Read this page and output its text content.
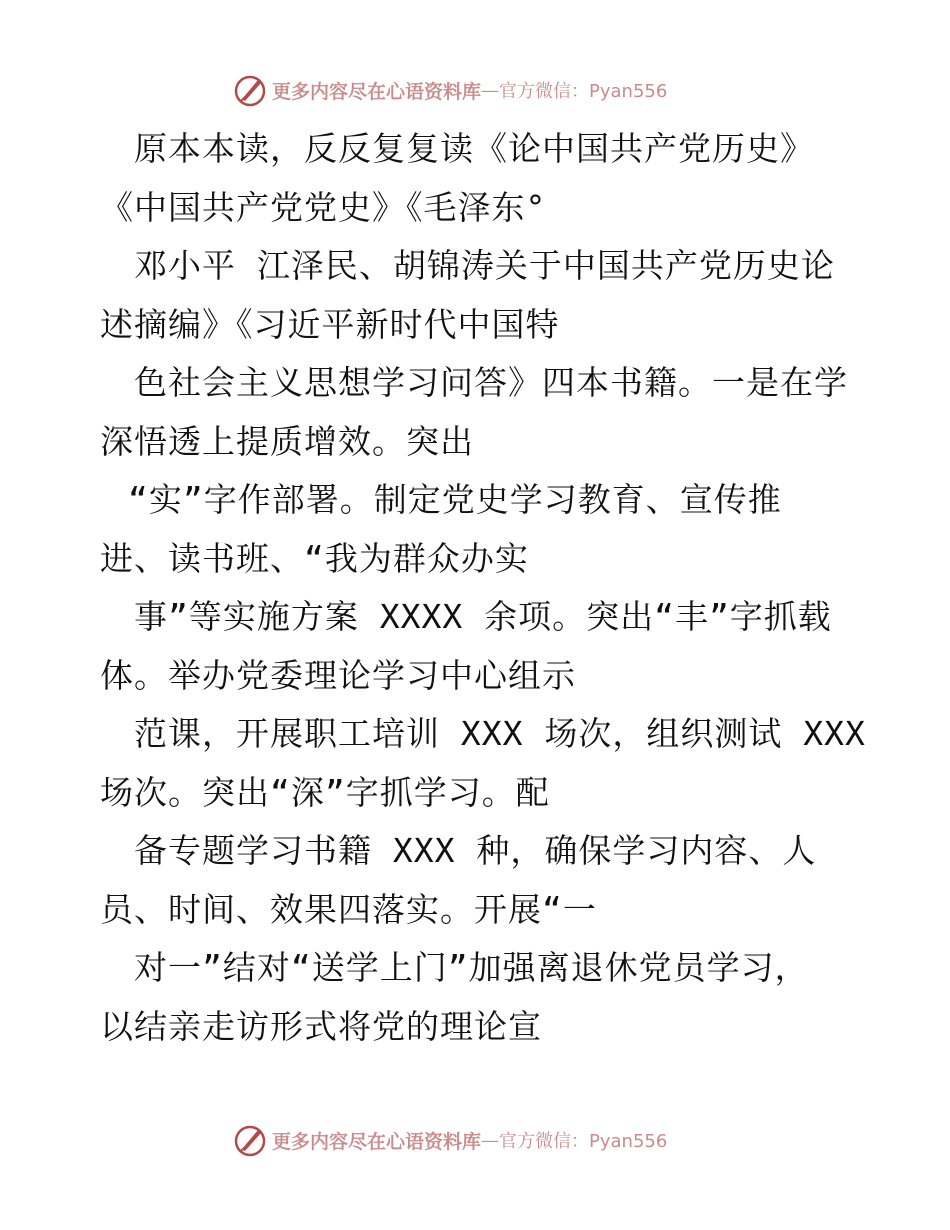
更多内容尽在心语资料库 — 官方微信：Pyan556
原本本读，反反复复读《论中国共产党历史》
《中国共产党党史》《毛泽东°
邓小平 江泽民、胡锦涛关于中国共产党历史论
述摘编》《习近平新时代中国特
色社会主义思想学习问答》四本书籍。一是在学
深悟透上提质增效。突出
“实”字作部署。制定党史学习教育、宣传推
进、读书班、“我为群众办实
事”等实施方案 XXXX 余项。突出“丰”字抓载
体。举办党委理论学习中心组示
范课，开展职工培训 XXX 场次，组织测试 XXX
场次。突出“深”字抓学习。配
备专题学习书籍 XXX 种，确保学习内容、人
员、时间、效果四落实。开展“一
对一”结对“送学上门”加强离退休党员学习，
以结亲走访形式将党的理论宣
更多内容尽在心语资料库 — 官方微信：Pyan556
